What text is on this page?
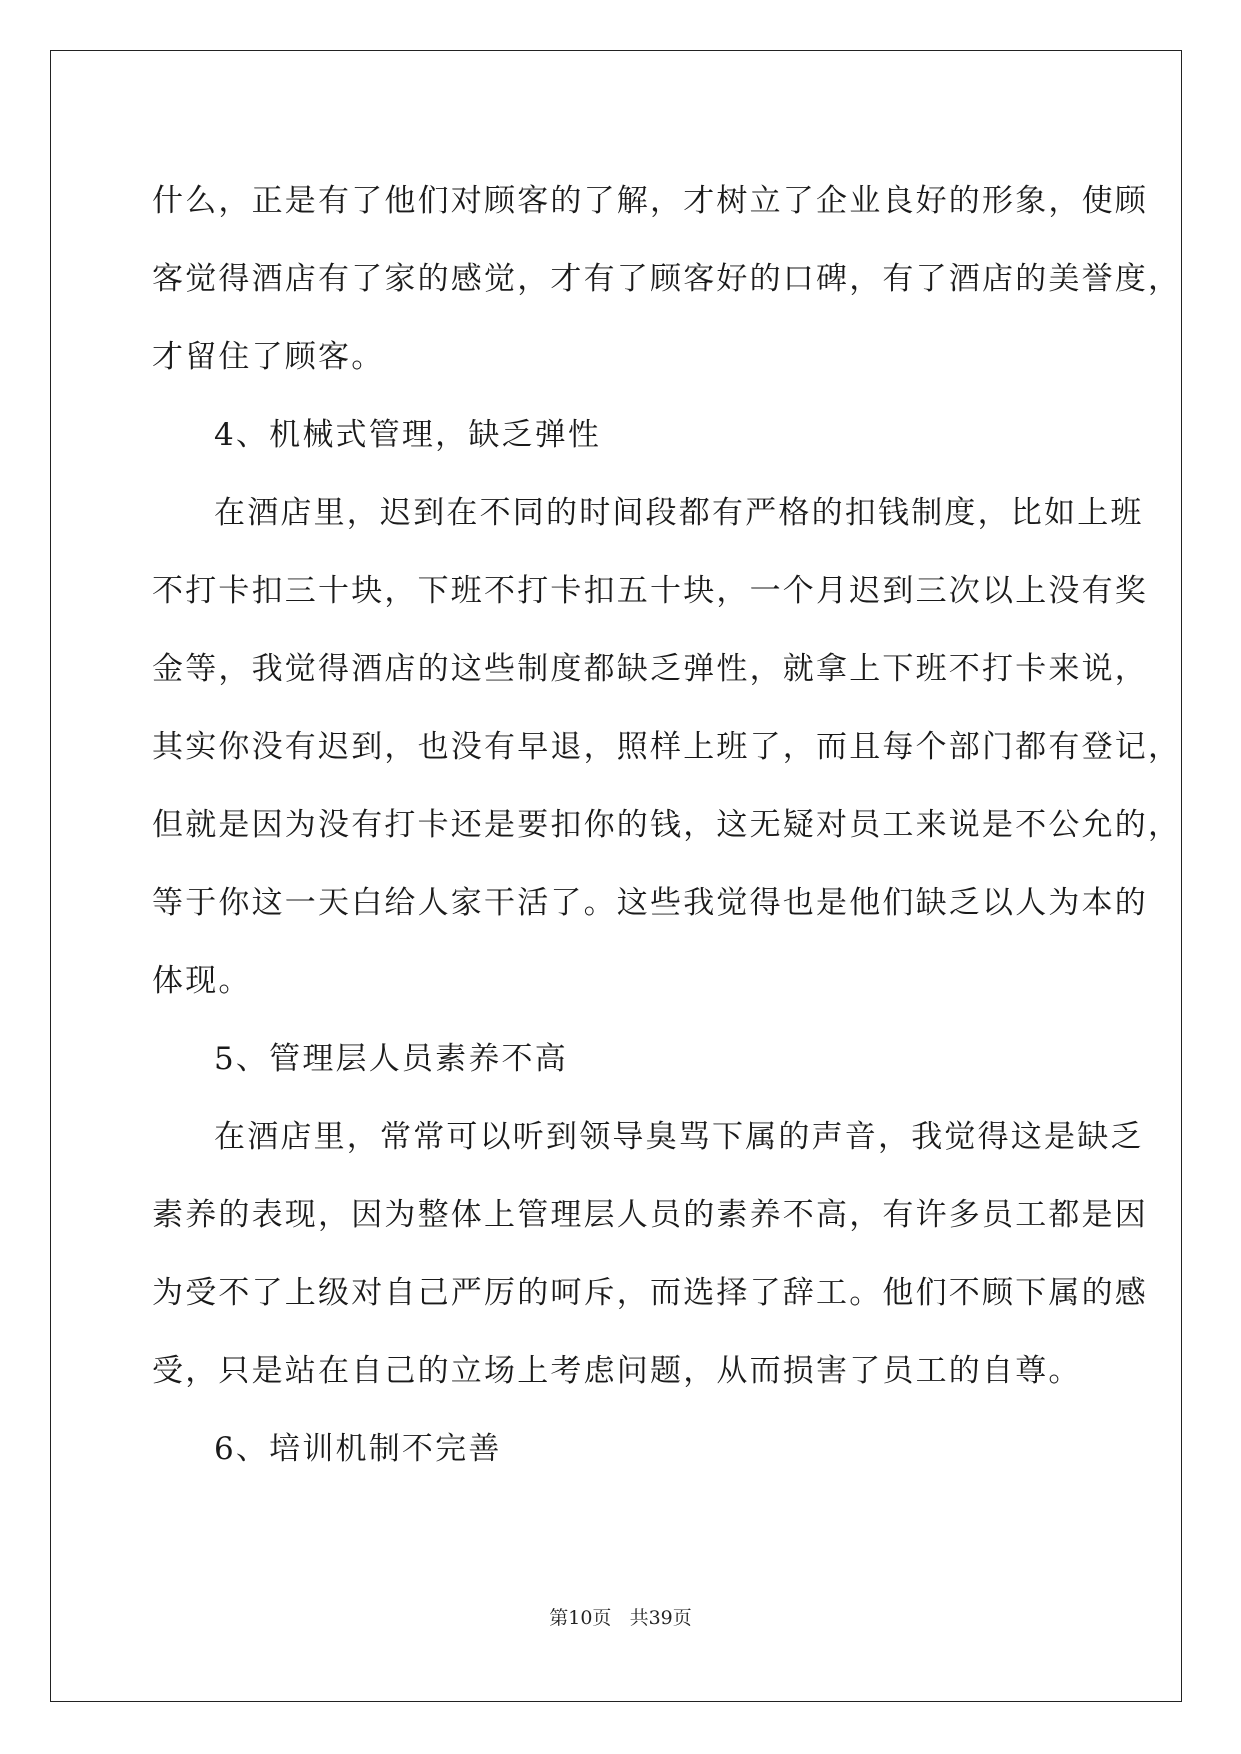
什么，正是有了他们对顾客的了解，才树立了企业良好的形象，使顾
客觉得酒店有了家的感觉，才有了顾客好的口碑，有了酒店的美誉度，
才留住了顾客。
4、机械式管理，缺乏弹性
在酒店里，迟到在不同的时间段都有严格的扣钱制度，比如上班
不打卡扣三十块，下班不打卡扣五十块，一个月迟到三次以上没有奖
金等，我觉得酒店的这些制度都缺乏弹性，就拿上下班不打卡来说，
其实你没有迟到，也没有早退，照样上班了，而且每个部门都有登记，
但就是因为没有打卡还是要扣你的钱，这无疑对员工来说是不公允的，
等于你这一天白给人家干活了。这些我觉得也是他们缺乏以人为本的
体现。
5、管理层人员素养不高
在酒店里，常常可以听到领导臭骂下属的声音，我觉得这是缺乏
素养的表现，因为整体上管理层人员的素养不高，有许多员工都是因
为受不了上级对自己严厉的呵斥，而选择了辞工。他们不顾下属的感
受，只是站在自己的立场上考虑问题，从而损害了员工的自尊。
6、培训机制不完善
第10页 共39页
